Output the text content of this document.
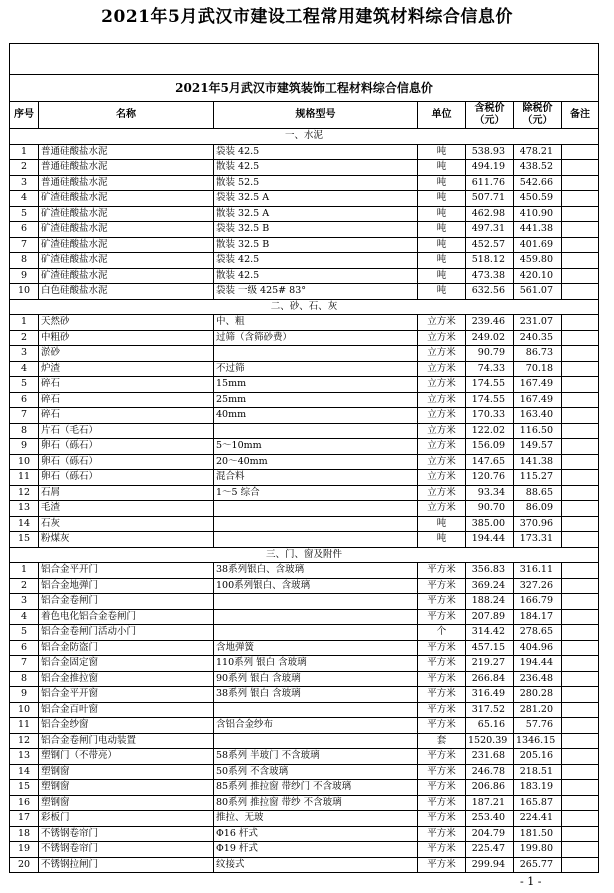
2021年5月武汉市建设工程常用建筑材料综合信息价

2021年5月武汉市建筑装饰工程材料综合信息价						
序号	名称	规格型号	单位	含税价（元）	除税价（元）	备注
一、水泥						
1	普通硅酸盐水泥	袋装 42.5	吨	538.93	478.21	
2	普通硅酸盐水泥	散装 42.5	吨	494.19	438.52	
3	普通硅酸盐水泥	散装 52.5	吨	611.76	542.66	
4	矿渣硅酸盐水泥	袋装 32.5 A	吨	507.71	450.59	
5	矿渣硅酸盐水泥	散装 32.5 A	吨	462.98	410.90	
6	矿渣硅酸盐水泥	袋装 32.5 B	吨	497.31	441.38	
7	矿渣硅酸盐水泥	散装 32.5 B	吨	452.57	401.69	
8	矿渣硅酸盐水泥	袋装 42.5	吨	518.12	459.80	
9	矿渣硅酸盐水泥	散装 42.5	吨	473.38	420.10	
10	白色硅酸盐水泥	袋装 一级 425# 83°	吨	632.56	561.07	
二、砂、石、灰						
1	天然砂	中、粗	立方米	239.46	231.07	
2	中粗砂	过筛（含筛砂费）	立方米	249.02	240.35	
3	淤砂		立方米	90.79	86.73	
4	炉渣	不过筛	立方米	74.33	70.18	
5	碎石	15mm	立方米	174.55	167.49	
6	碎石	25mm	立方米	174.55	167.49	
7	碎石	40mm	立方米	170.33	163.40	
8	片石（毛石）		立方米	122.02	116.50	
9	卵石（砾石）	5～10mm	立方米	156.09	149.57	
10	卵石（砾石）	20～40mm	立方米	147.65	141.38	
11	卵石（砾石）	混合料	立方米	120.76	115.27	
12	石屑	1～5 综合	立方米	93.34	88.65	
13	毛渣		立方米	90.70	86.09	
14	石灰		吨	385.00	370.96	
15	粉煤灰		吨	194.44	173.31	
三、门、窗及附件						
1	铝合金平开门	38系列银白、含玻璃	平方米	356.83	316.11	
2	铝合金地弹门	100系列银白、含玻璃	平方米	369.24	327.26	
3	铝合金卷闸门		平方米	188.24	166.79	
4	着色电化铝合金卷闸门		平方米	207.89	184.17	
5	铝合金卷闸门活动小门		个	314.42	278.65	
6	铝合金防盗门	含地弹簧	平方米	457.15	404.96	
7	铝合金固定窗	110系列 银白 含玻璃	平方米	219.27	194.44	
8	铝合金推拉窗	90系列 银白 含玻璃	平方米	266.84	236.48	
9	铝合金平开窗	38系列 银白 含玻璃	平方米	316.49	280.28	
10	铝合金百叶窗		平方米	317.52	281.20	
11	铝合金纱窗	含铝合金纱布	平方米	65.16	57.76	
12	铝合金卷闸门电动装置		套	1520.39	1346.15	
13	塑钢门（不带亮）	58系列 半玻门 不含玻璃	平方米	231.68	205.16	
14	塑钢窗	50系列 不含玻璃	平方米	246.78	218.51	
15	塑钢窗	85系列 推拉窗 带纱门 不含玻璃	平方米	206.86	183.19	
16	塑钢窗	80系列 推拉窗 带纱 不含玻璃	平方米	187.21	165.87	
17	彩板门	推拉、无玻	平方米	253.40	224.41	
18	不锈钢卷帘门	Φ16 杆式	平方米	204.79	181.50	
19	不锈钢卷帘门	Φ19 杆式	平方米	225.47	199.80	
20	不锈钢拉闸门	纹接式	平方米	299.94	265.77	
- 1 -
